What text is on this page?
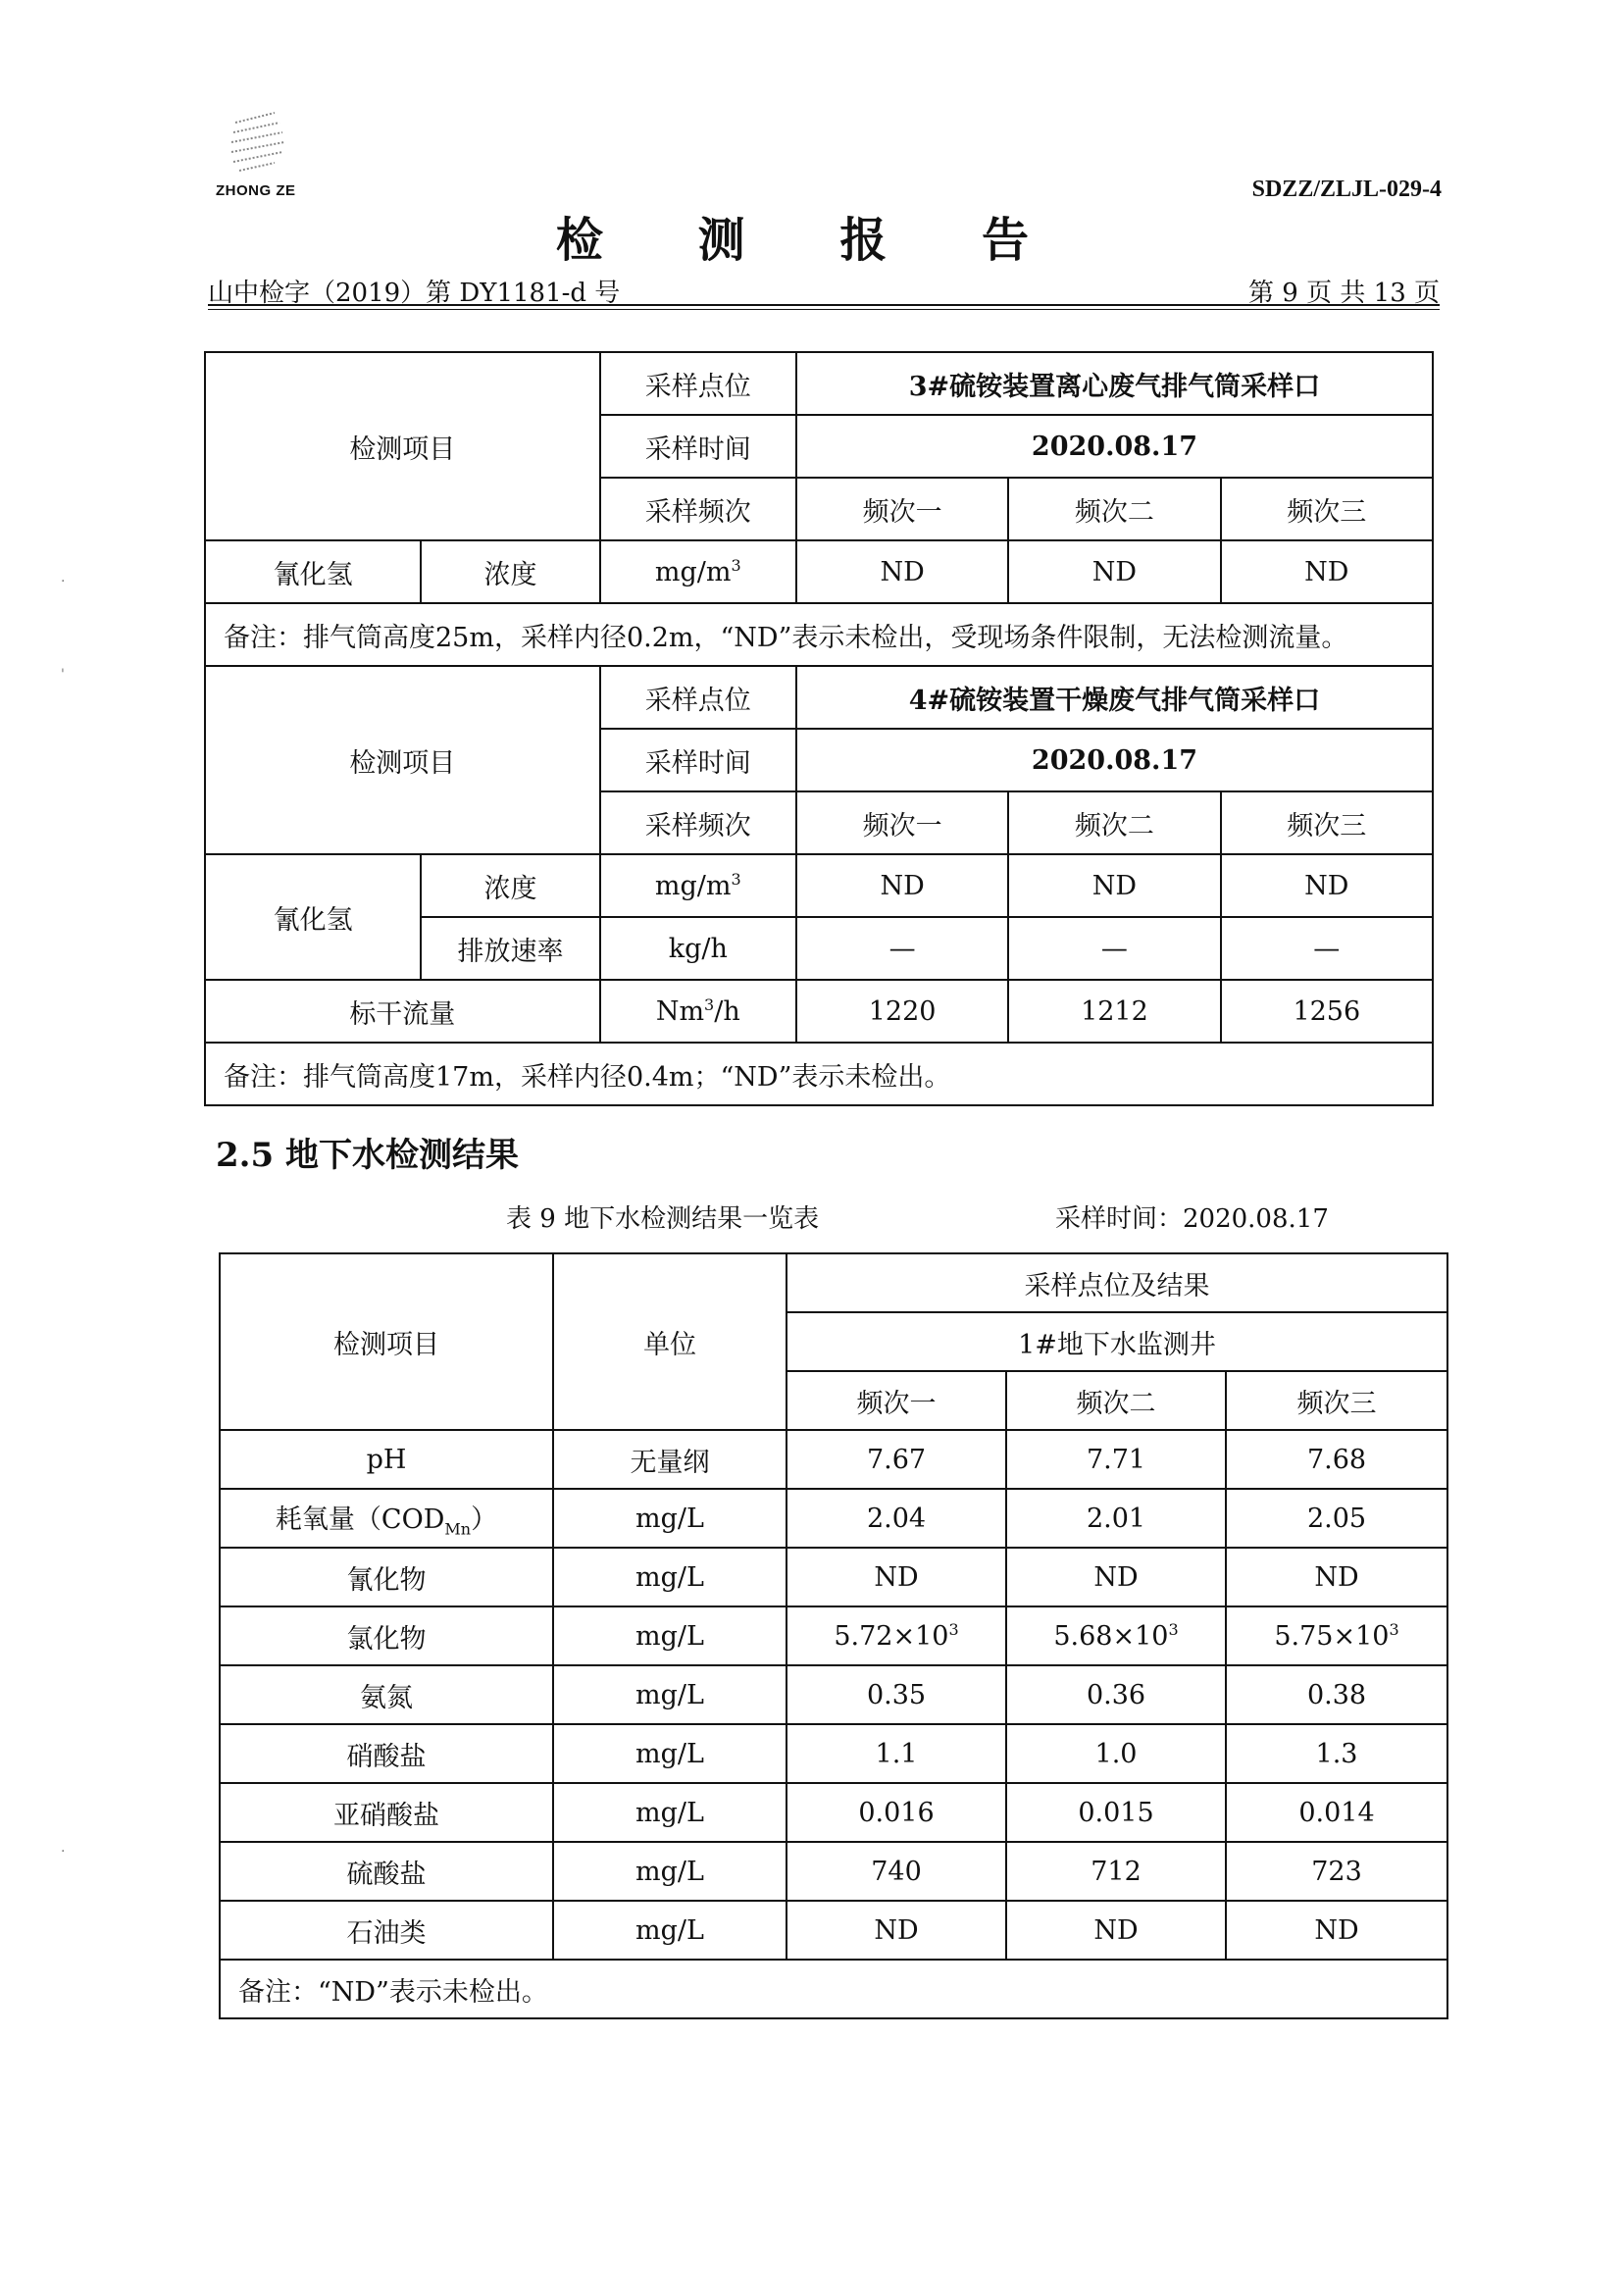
ZHONG ZE	SDZZ/ZLJL-029-4
检 测 报 告
山中检字（2019）第 DY1181-d 号	第 9 页 共 13 页
·
'
·
检测项目		采样点位	3#硫铵装置离心废气排气筒采样口		
		采样时间	2020.08.17		
		采样频次	频次一	频次二	频次三
氰化氢	浓度	$mg/m^3$	ND	ND	ND
备注：排气筒高度25m，采样内径0.2m，“ND”表示未检出，受现场条件限制，无法检测流量。					
检测项目		采样点位	4#硫铵装置干燥废气排气筒采样口		
		采样时间	2020.08.17		
		采样频次	频次一	频次二	频次三
氰化氢	浓度	$mg/m^3$	ND	ND	ND
	排放速率	kg/h	—	—	—
标干流量		Nm$^3$/h	1220	1212	1256
备注：排气筒高度17m，采样内径0.4m；“ND”表示未检出。					
2.5 地下水检测结果
表 9 地下水检测结果一览表	采样时间：2020.08.17
检测项目	单位	采样点位及结果		
		1#地下水监测井		
		频次一	频次二	频次三
pH	无量纲	7.67	7.71	7.68
耗氧量$(COD_{Mn})$	mg/L	2.04	2.01	2.05
氰化物	mg/L	ND	ND	ND
氯化物	mg/L	$5.72\times 10^3$	$5.68\times 10^3$	$5.75\times 10^3$
氨氮	mg/L	0.35	0.36	0.38
硝酸盐	mg/L	1.1	1.0	1.3
亚硝酸盐	mg/L	0.016	0.015	0.014
硫酸盐	mg/L	740	712	723
石油类	mg/L	ND	ND	ND
备注：“ND”表示未检出。				
